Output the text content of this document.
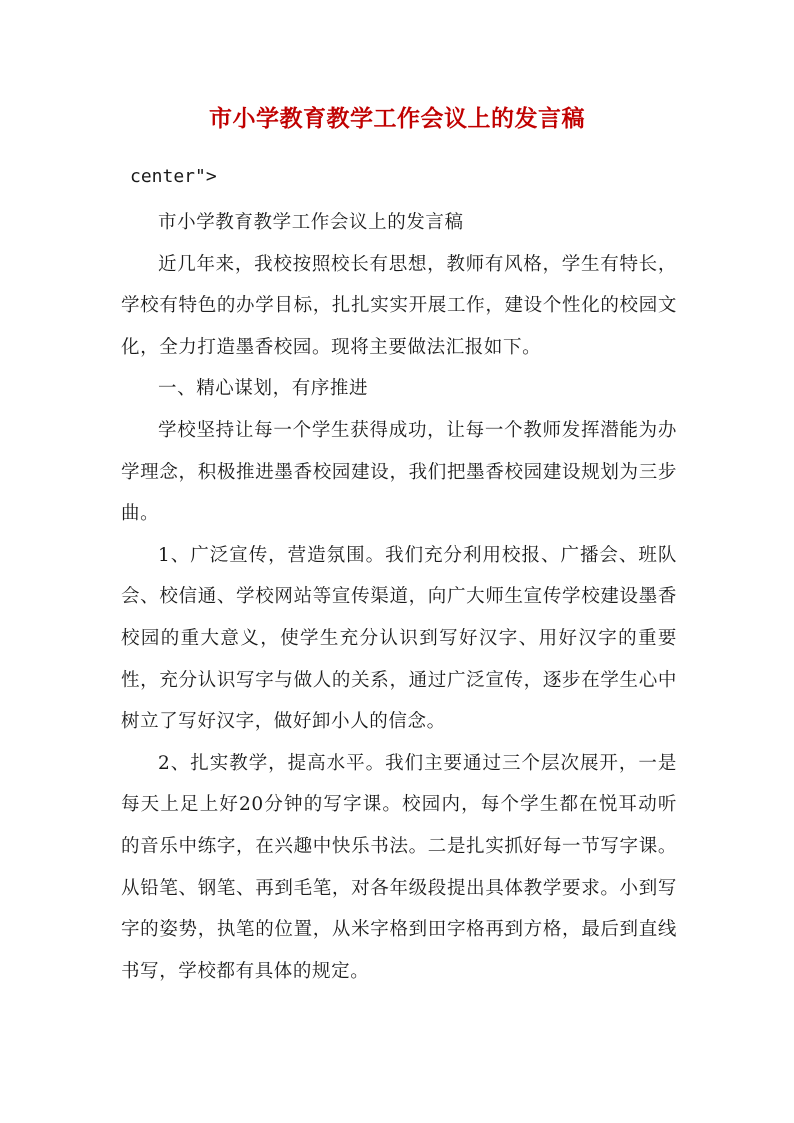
市小学教育教学工作会议上的发言稿
center">

市小学教育教学工作会议上的发言稿

近几年来，我校按照校长有思想，教师有风格，学生有特长，学校有特色的办学目标，扎扎实实开展工作，建设个性化的校园文化，全力打造墨香校园。现将主要做法汇报如下。

一、精心谋划，有序推进

学校坚持让每一个学生获得成功，让每一个教师发挥潜能为办学理念，积极推进墨香校园建设，我们把墨香校园建设规划为三步曲。

1、广泛宣传，营造氛围。我们充分利用校报、广播会、班队会、校信通、学校网站等宣传渠道，向广大师生宣传学校建设墨香校园的重大意义，使学生充分认识到写好汉字、用好汉字的重要性，充分认识写字与做人的关系，通过广泛宣传，逐步在学生心中树立了写好汉字，做好卸小人的信念。

2、扎实教学，提高水平。我们主要通过三个层次展开，一是每天上足上好20分钟的写字课。校园内，每个学生都在悦耳动听的音乐中练字，在兴趣中快乐书法。二是扎实抓好每一节写字课。从铅笔、钢笔、再到毛笔，对各年级段提出具体教学要求。小到写字的姿势，执笔的位置，从米字格到田字格再到方格，最后到直线书写，学校都有具体的规定。
